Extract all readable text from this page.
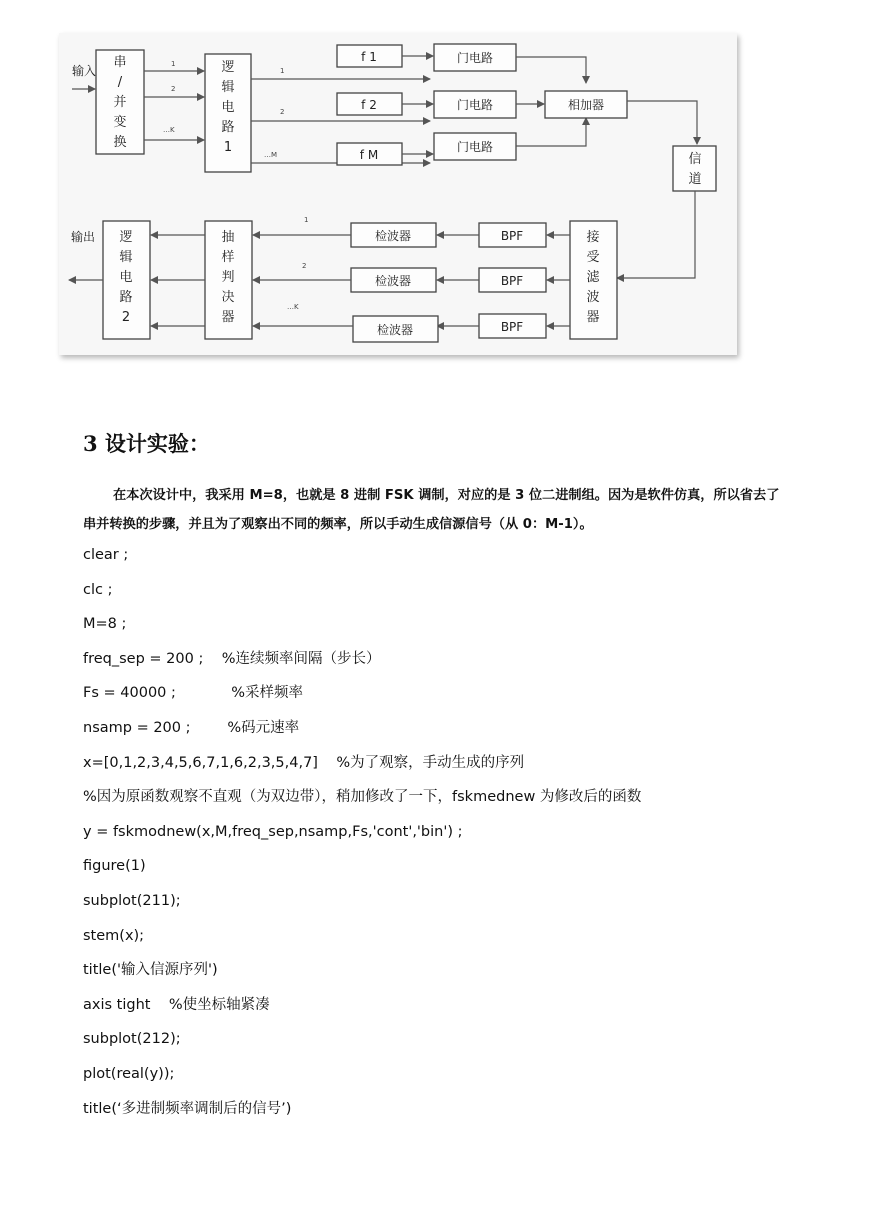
输入
串/并变换
1
2
…K
逻辑电路 1
1
2
…M
f 1
f 2
f M
门电路
门电路
门电路
相加器
信道
接受滤波器
BPF
BPF
BPF
检波器
检波器
检波器
1
2
…K
抽样判决器
逻辑电路 2
输出
3 设计实验：

在本次设计中，我采用 M=8，也就是 8 进制 FSK 调制，对应的是 3 位二进制组。因为是软件仿真，所以省去了串并转换的步骤，并且为了观察出不同的频率，所以手动生成信源信号（从 0：M-1）。

clear ;
clc ;
M=8 ;
freq_sep = 200 ;    %连续频率间隔（步长）
Fs = 40000 ;            %采样频率
nsamp = 200 ;        %码元速率
x=[0,1,2,3,4,5,6,7,1,6,2,3,5,4,7]    %为了观察，手动生成的序列
%因为原函数观察不直观（为双边带），稍加修改了一下，fskmednew 为修改后的函数
y = fskmodnew(x,M,freq_sep,nsamp,Fs,'cont','bin') ;
figure(1)
subplot(211);
stem(x);
title('输入信源序列')
axis tight    %使坐标轴紧凑
subplot(212);
plot(real(y));
title(‘多进制频率调制后的信号’)
